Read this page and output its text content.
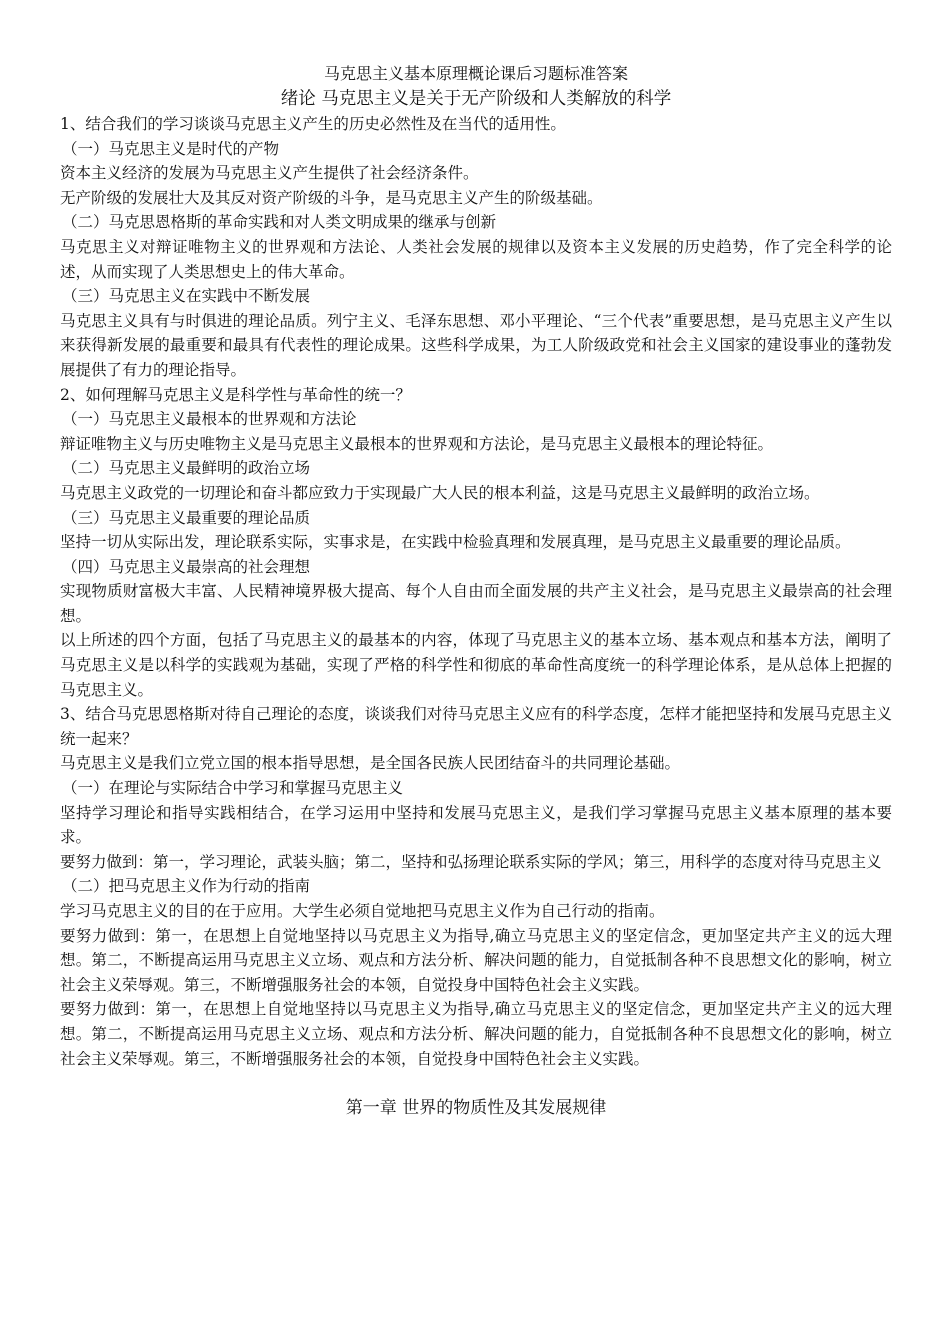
马克思主义基本原理概论课后习题标准答案

绪论 马克思主义是关于无产阶级和人类解放的科学

1、结合我们的学习谈谈马克思主义产生的历史必然性及在当代的适用性。

（一）马克思主义是时代的产物

资本主义经济的发展为马克思主义产生提供了社会经济条件。

无产阶级的发展壮大及其反对资产阶级的斗争，是马克思主义产生的阶级基础。

（二）马克思恩格斯的革命实践和对人类文明成果的继承与创新

马克思主义对辩证唯物主义的世界观和方法论、人类社会发展的规律以及资本主义发展的历史趋势，作了完全科学的论述，从而实现了人类思想史上的伟大革命。

（三）马克思主义在实践中不断发展

马克思主义具有与时俱进的理论品质。列宁主义、毛泽东思想、邓小平理论、“三个代表”重要思想，是马克思主义产生以来获得新发展的最重要和最具有代表性的理论成果。这些科学成果，为工人阶级政党和社会主义国家的建设事业的蓬勃发展提供了有力的理论指导。

2、如何理解马克思主义是科学性与革命性的统一？

（一）马克思主义最根本的世界观和方法论

辩证唯物主义与历史唯物主义是马克思主义最根本的世界观和方法论，是马克思主义最根本的理论特征。

（二）马克思主义最鲜明的政治立场

马克思主义政党的一切理论和奋斗都应致力于实现最广大人民的根本利益，这是马克思主义最鲜明的政治立场。

（三）马克思主义最重要的理论品质

坚持一切从实际出发，理论联系实际，实事求是，在实践中检验真理和发展真理，是马克思主义最重要的理论品质。

（四）马克思主义最崇高的社会理想

实现物质财富极大丰富、人民精神境界极大提高、每个人自由而全面发展的共产主义社会，是马克思主义最崇高的社会理想。

以上所述的四个方面，包括了马克思主义的最基本的内容，体现了马克思主义的基本立场、基本观点和基本方法，阐明了马克思主义是以科学的实践观为基础，实现了严格的科学性和彻底的革命性高度统一的科学理论体系，是从总体上把握的马克思主义。

3、结合马克思恩格斯对待自己理论的态度，谈谈我们对待马克思主义应有的科学态度，怎样才能把坚持和发展马克思主义统一起来？

马克思主义是我们立党立国的根本指导思想，是全国各民族人民团结奋斗的共同理论基础。

（一）在理论与实际结合中学习和掌握马克思主义

坚持学习理论和指导实践相结合，在学习运用中坚持和发展马克思主义，是我们学习掌握马克思主义基本原理的基本要求。

要努力做到：第一，学习理论，武装头脑；第二，坚持和弘扬理论联系实际的学风；第三，用科学的态度对待马克思主义

（二）把马克思主义作为行动的指南

学习马克思主义的目的在于应用。大学生必须自觉地把马克思主义作为自己行动的指南。

要努力做到：第一，在思想上自觉地坚持以马克思主义为指导,确立马克思主义的坚定信念，更加坚定共产主义的远大理想。第二，不断提高运用马克思主义立场、观点和方法分析、解决问题的能力，自觉抵制各种不良思想文化的影响，树立社会主义荣辱观。第三，不断增强服务社会的本领，自觉投身中国特色社会主义实践。

要努力做到：第一，在思想上自觉地坚持以马克思主义为指导,确立马克思主义的坚定信念，更加坚定共产主义的远大理想。第二，不断提高运用马克思主义立场、观点和方法分析、解决问题的能力，自觉抵制各种不良思想文化的影响，树立社会主义荣辱观。第三，不断增强服务社会的本领，自觉投身中国特色社会主义实践。

第一章 世界的物质性及其发展规律
